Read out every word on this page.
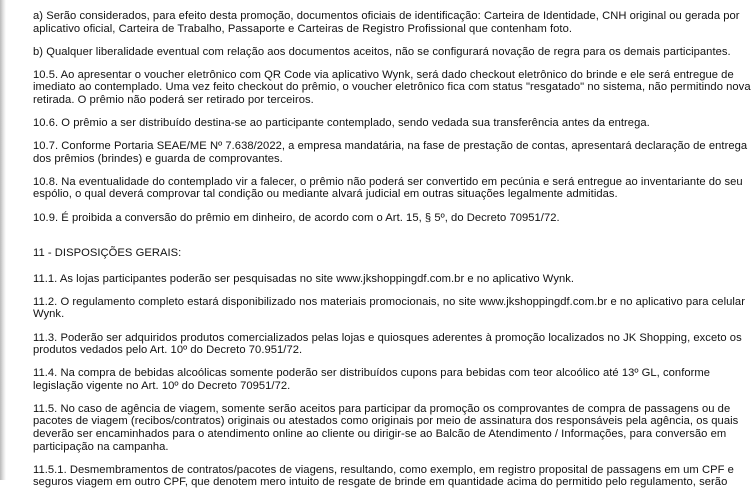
a) Serão considerados, para efeito desta promoção, documentos oficiais de identificação: Carteira de Identidade, CNH original ou gerada por
aplicativo oficial, Carteira de Trabalho, Passaporte e Carteiras de Registro Profissional que contenham foto.

b) Qualquer liberalidade eventual com relação aos documentos aceitos, não se configurará novação de regra para os demais participantes.

10.5. Ao apresentar o voucher eletrônico com QR Code via aplicativo Wynk, será dado checkout eletrônico do brinde e ele será entregue de
imediato ao contemplado. Uma vez feito checkout do prêmio, o voucher eletrônico fica com status "resgatado" no sistema, não permitindo nova
retirada. O prêmio não poderá ser retirado por terceiros.

10.6. O prêmio a ser distribuído destina-se ao participante contemplado, sendo vedada sua transferência antes da entrega.

10.7. Conforme Portaria SEAE/ME Nº 7.638/2022, a empresa mandatária, na fase de prestação de contas, apresentará declaração de entrega
dos prêmios (brindes) e guarda de comprovantes.

10.8. Na eventualidade do contemplado vir a falecer, o prêmio não poderá ser convertido em pecúnia e será entregue ao inventariante do seu
espólio, o qual deverá comprovar tal condição ou mediante alvará judicial em outras situações legalmente admitidas.

10.9. É proibida a conversão do prêmio em dinheiro, de acordo com o Art. 15, § 5º, do Decreto 70951/72.

11 - DISPOSIÇÕES GERAIS:

11.1. As lojas participantes poderão ser pesquisadas no site www.jkshoppingdf.com.br e no aplicativo Wynk.

11.2. O regulamento completo estará disponibilizado nos materiais promocionais, no site www.jkshoppingdf.com.br e no aplicativo para celular
Wynk.

11.3. Poderão ser adquiridos produtos comercializados pelas lojas e quiosques aderentes à promoção localizados no JK Shopping, exceto os
produtos vedados pelo Art. 10º do Decreto 70.951/72.

11.4. Na compra de bebidas alcoólicas somente poderão ser distribuídos cupons para bebidas com teor alcoólico até 13º GL, conforme
legislação vigente no Art. 10º do Decreto 70951/72.

11.5. No caso de agência de viagem, somente serão aceitos para participar da promoção os comprovantes de compra de passagens ou de
pacotes de viagem (recibos/contratos) originais ou atestados como originais por meio de assinatura dos responsáveis pela agência, os quais
deverão ser encaminhados para o atendimento online ao cliente ou dirigir-se ao Balcão de Atendimento / Informações, para conversão em
participação na campanha.

11.5.1. Desmembramentos de contratos/pacotes de viagens, resultando, como exemplo, em registro proposital de passagens em um CPF e
seguros viagem em outro CPF, que denotem mero intuito de resgate de brinde em quantidade acima do permitido pelo regulamento, serão
